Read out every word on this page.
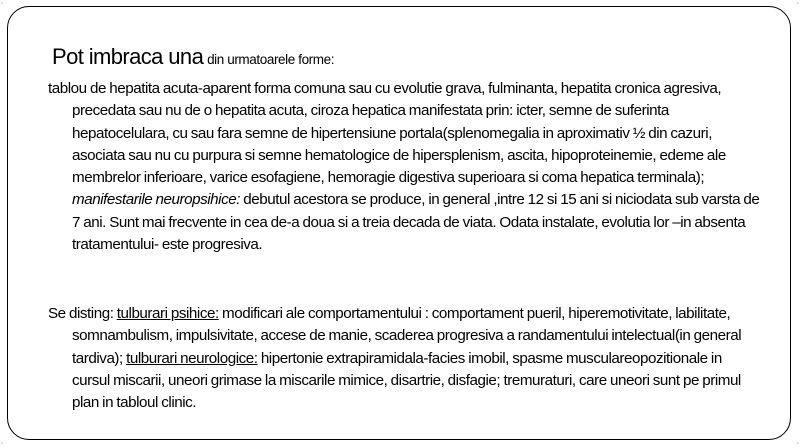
◦	◦
◦	◦
Pot imbraca una din urmatoarele forme:
tablou de hepatita acuta-aparent forma comuna sau cu evolutie grava, fulminanta, hepatita cronica agresiva, precedata sau nu de o hepatita acuta, ciroza hepatica manifestata prin: icter, semne de suferinta hepatocelulara, cu sau fara semne de hipertensiune portala(splenomegalia in aproximativ ½ din cazuri, asociata sau nu cu purpura si semne hematologice de hipersplenism, ascita, hipoproteinemie, edeme ale membrelor inferioare, varice esofagiene, hemoragie digestiva superioara si coma hepatica terminala); manifestarile neuropsihice: debutul acestora se produce, in general ,intre 12 si 15 ani si niciodata sub varsta de 7 ani. Sunt mai frecvente in cea de-a doua si a treia decada de viata. Odata instalate, evolutia lor –in absenta tratamentului- este progresiva.
Se disting: tulburari psihice: modificari ale comportamentului : comportament pueril, hiperemotivitate, labilitate, somnambulism, impulsivitate, accese de manie, scaderea progresiva a randamentului intelectual(in general tardiva); tulburari neurologice: hipertonie extrapiramidala-facies imobil, spasme musculareopozitionale in cursul miscarii, uneori grimase la miscarile mimice, disartrie, disfagie; tremuraturi, care uneori sunt pe primul plan in tabloul clinic.
